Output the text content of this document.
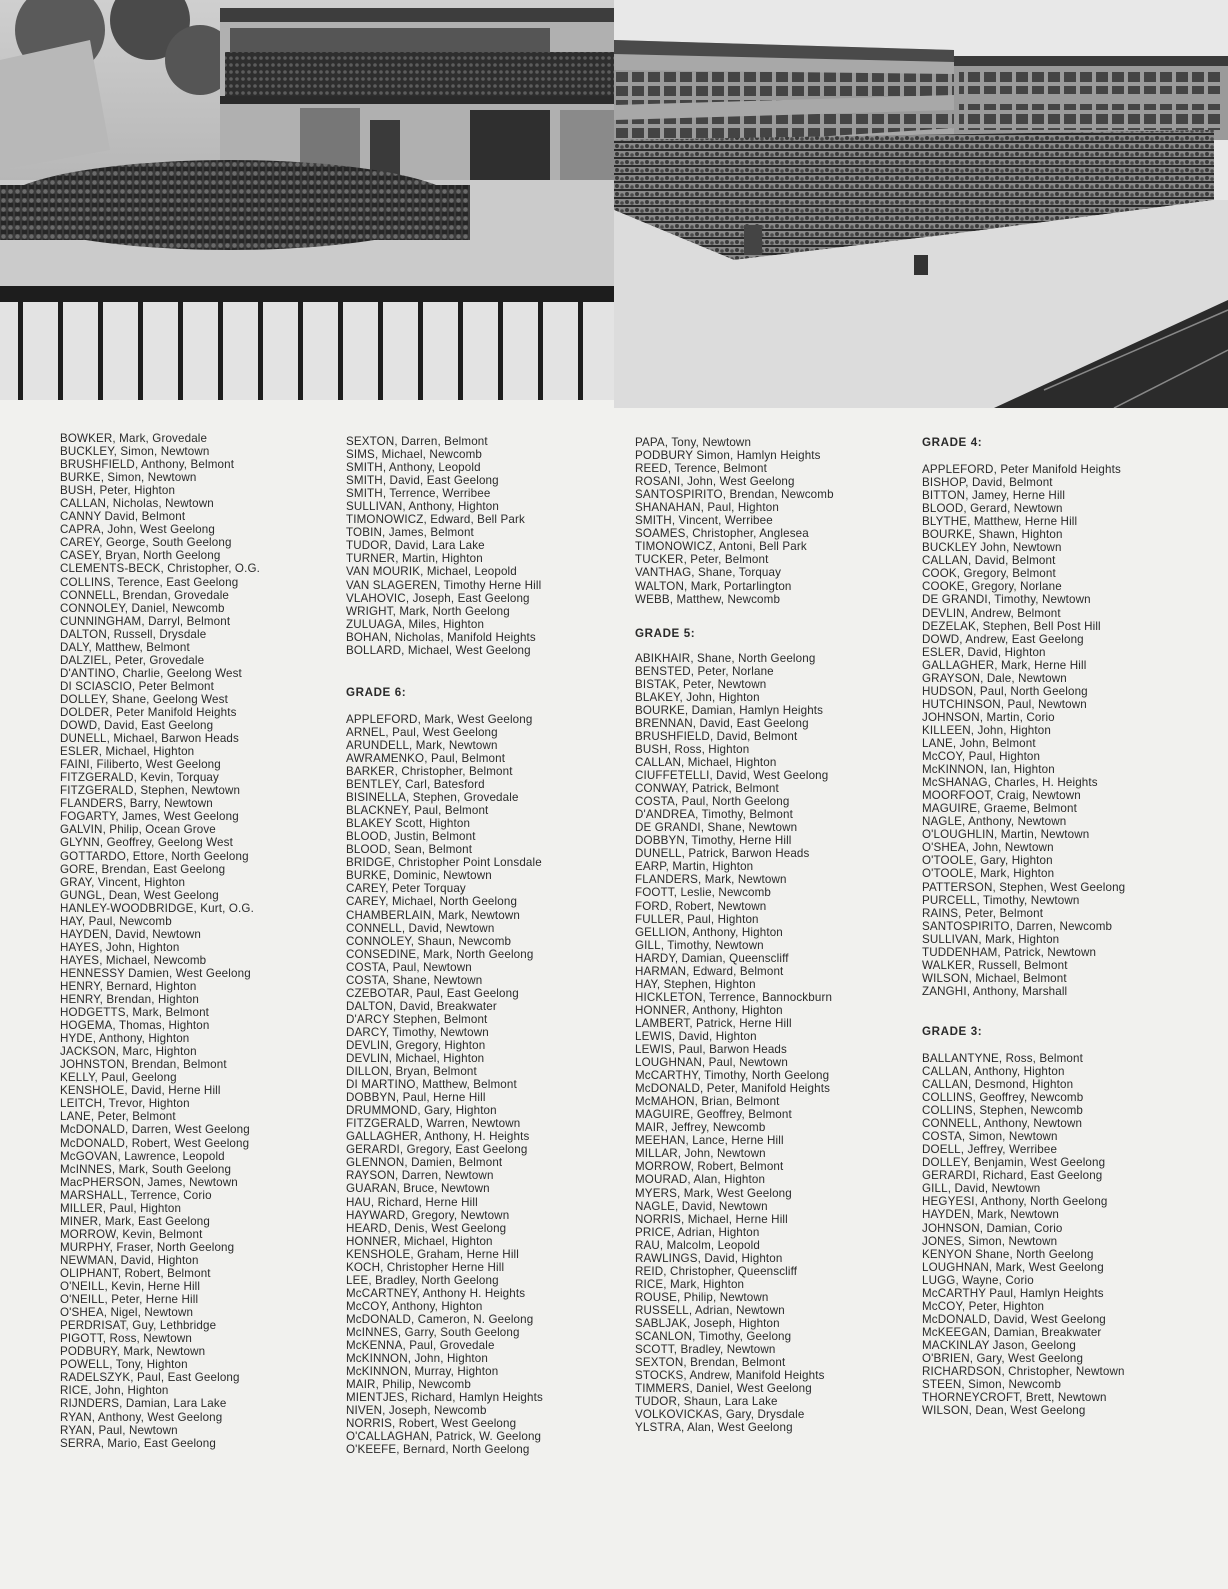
BOWKER, Mark, Grovedale
BUCKLEY, Simon, Newtown
BRUSHFIELD, Anthony, Belmont
BURKE, Simon, Newtown
BUSH, Peter, Highton
CALLAN, Nicholas, Newtown
CANNY David, Belmont
CAPRA, John, West Geelong
CAREY, George, South Geelong
CASEY, Bryan, North Geelong
CLEMENTS-BECK, Christopher, O.G.
COLLINS, Terence, East Geelong
CONNELL, Brendan, Grovedale
CONNOLEY, Daniel, Newcomb
CUNNINGHAM, Darryl, Belmont
DALTON, Russell, Drysdale
DALY, Matthew, Belmont
DALZIEL, Peter, Grovedale
D'ANTINO, Charlie, Geelong West
DI SCIASCIO, Peter Belmont
DOLLEY, Shane, Geelong West
DOLDER, Peter Manifold Heights
DOWD, David, East Geelong
DUNELL, Michael, Barwon Heads
ESLER, Michael, Highton
FAINI, Filiberto, West Geelong
FITZGERALD, Kevin, Torquay
FITZGERALD, Stephen, Newtown
FLANDERS, Barry, Newtown
FOGARTY, James, West Geelong
GALVIN, Philip, Ocean Grove
GLYNN, Geoffrey, Geelong West
GOTTARDO, Ettore, North Geelong
GORE, Brendan, East Geelong
GRAY, Vincent, Highton
GUNGL, Dean, West Geelong
HANLEY-WOODBRIDGE, Kurt, O.G.
HAY, Paul, Newcomb
HAYDEN, David, Newtown
HAYES, John, Highton
HAYES, Michael, Newcomb
HENNESSY Damien, West Geelong
HENRY, Bernard, Highton
HENRY, Brendan, Highton
HODGETTS, Mark, Belmont
HOGEMA, Thomas, Highton
HYDE, Anthony, Highton
JACKSON, Marc, Highton
JOHNSTON, Brendan, Belmont
KELLY, Paul, Geelong
KENSHOLE, David, Herne Hill
LEITCH, Trevor, Highton
LANE, Peter, Belmont
McDONALD, Darren, West Geelong
McDONALD, Robert, West Geelong
McGOVAN, Lawrence, Leopold
McINNES, Mark, South Geelong
MacPHERSON, James, Newtown
MARSHALL, Terrence, Corio
MILLER, Paul, Highton
MINER, Mark, East Geelong
MORROW, Kevin, Belmont
MURPHY, Fraser, North Geelong
NEWMAN, David, Highton
OLIPHANT, Robert, Belmont
O'NEILL, Kevin, Herne Hill
O'NEILL, Peter, Herne Hill
O'SHEA, Nigel, Newtown
PERDRISAT, Guy, Lethbridge
PIGOTT, Ross, Newtown
PODBURY, Mark, Newtown
POWELL, Tony, Highton
RADELSZYK, Paul, East Geelong
RICE, John, Highton
RIJNDERS, Damian, Lara Lake
RYAN, Anthony, West Geelong
RYAN, Paul, Newtown
SERRA, Mario, East Geelong
SEXTON, Darren, Belmont
SIMS, Michael, Newcomb
SMITH, Anthony, Leopold
SMITH, David, East Geelong
SMITH, Terrence, Werribee
SULLIVAN, Anthony, Highton
TIMONOWICZ, Edward, Bell Park
TOBIN, James, Belmont
TUDOR, David, Lara Lake
TURNER, Martin, Highton
VAN MOURIK, Michael, Leopold
VAN SLAGEREN, Timothy Herne Hill
VLAHOVIC, Joseph, East Geelong
WRIGHT, Mark, North Geelong
ZULUAGA, Miles, Highton
BOHAN, Nicholas, Manifold Heights
BOLLARD, Michael, West Geelong
GRADE 6:
APPLEFORD, Mark, West Geelong
ARNEL, Paul, West Geelong
ARUNDELL, Mark, Newtown
AWRAMENKO, Paul, Belmont
BARKER, Christopher, Belmont
BENTLEY, Carl, Batesford
BISINELLA, Stephen, Grovedale
BLACKNEY, Paul, Belmont
BLAKEY Scott, Highton
BLOOD, Justin, Belmont
BLOOD, Sean, Belmont
BRIDGE, Christopher Point Lonsdale
BURKE, Dominic, Newtown
CAREY, Peter Torquay
CAREY, Michael, North Geelong
CHAMBERLAIN, Mark, Newtown
CONNELL, David, Newtown
CONNOLEY, Shaun, Newcomb
CONSEDINE, Mark, North Geelong
COSTA, Paul, Newtown
COSTA, Shane, Newtown
CZEBOTAR, Paul, East Geelong
DALTON, David, Breakwater
D'ARCY Stephen, Belmont
DARCY, Timothy, Newtown
DEVLIN, Gregory, Highton
DEVLIN, Michael, Highton
DILLON, Bryan, Belmont
DI MARTINO, Matthew, Belmont
DOBBYN, Paul, Herne Hill
DRUMMOND, Gary, Highton
FITZGERALD, Warren, Newtown
GALLAGHER, Anthony, H. Heights
GERARDI, Gregory, East Geelong
GLENNON, Damien, Belmont
RAYSON, Darren, Newtown
GUARAN, Bruce, Newtown
HAU, Richard, Herne Hill
HAYWARD, Gregory, Newtown
HEARD, Denis, West Geelong
HONNER, Michael, Highton
KENSHOLE, Graham, Herne Hill
KOCH, Christopher Herne Hill
LEE, Bradley, North Geelong
McCARTNEY, Anthony H. Heights
McCOY, Anthony, Highton
McDONALD, Cameron, N. Geelong
McINNES, Garry, South Geelong
McKENNA, Paul, Grovedale
McKINNON, John, Highton
McKINNON, Murray, Highton
MAIR, Philip, Newcomb
MIENTJES, Richard, Hamlyn Heights
NIVEN, Joseph, Newcomb
NORRIS, Robert, West Geelong
O'CALLAGHAN, Patrick, W. Geelong
O'KEEFE, Bernard, North Geelong
PAPA, Tony, Newtown
PODBURY Simon, Hamlyn Heights
REED, Terence, Belmont
ROSANI, John, West Geelong
SANTOSPIRITO, Brendan, Newcomb
SHANAHAN, Paul, Highton
SMITH, Vincent, Werribee
SOAMES, Christopher, Anglesea
TIMONOWICZ, Antoni, Bell Park
TUCKER, Peter, Belmont
VANTHAG, Shane, Torquay
WALTON, Mark, Portarlington
WEBB, Matthew, Newcomb
GRADE 5:
ABIKHAIR, Shane, North Geelong
BENSTED, Peter, Norlane
BISTAK, Peter, Newtown
BLAKEY, John, Highton
BOURKE, Damian, Hamlyn Heights
BRENNAN, David, East Geelong
BRUSHFIELD, David, Belmont
BUSH, Ross, Highton
CALLAN, Michael, Highton
CIUFFETELLI, David, West Geelong
CONWAY, Patrick, Belmont
COSTA, Paul, North Geelong
D'ANDREA, Timothy, Belmont
DE GRANDI, Shane, Newtown
DOBBYN, Timothy, Herne Hill
DUNELL, Patrick, Barwon Heads
EARP, Martin, Highton
FLANDERS, Mark, Newtown
FOOTT, Leslie, Newcomb
FORD, Robert, Newtown
FULLER, Paul, Highton
GELLION, Anthony, Highton
GILL, Timothy, Newtown
HARDY, Damian, Queenscliff
HARMAN, Edward, Belmont
HAY, Stephen, Highton
HICKLETON, Terrence, Bannockburn
HONNER, Anthony, Highton
LAMBERT, Patrick, Herne Hill
LEWIS, David, Highton
LEWIS, Paul, Barwon Heads
LOUGHNAN, Paul, Newtown
McCARTHY, Timothy, North Geelong
McDONALD, Peter, Manifold Heights
McMAHON, Brian, Belmont
MAGUIRE, Geoffrey, Belmont
MAIR, Jeffrey, Newcomb
MEEHAN, Lance, Herne Hill
MILLAR, John, Newtown
MORROW, Robert, Belmont
MOURAD, Alan, Highton
MYERS, Mark, West Geelong
NAGLE, David, Newtown
NORRIS, Michael, Herne Hill
PRICE, Adrian, Highton
RAU, Malcolm, Leopold
RAWLINGS, David, Highton
REID, Christopher, Queenscliff
RICE, Mark, Highton
ROUSE, Philip, Newtown
RUSSELL, Adrian, Newtown
SABLJAK, Joseph, Highton
SCANLON, Timothy, Geelong
SCOTT, Bradley, Newtown
SEXTON, Brendan, Belmont
STOCKS, Andrew, Manifold Heights
TIMMERS, Daniel, West Geelong
TUDOR, Shaun, Lara Lake
VOLKOVICKAS, Gary, Drysdale
YLSTRA, Alan, West Geelong
GRADE 4:
APPLEFORD, Peter Manifold Heights
BISHOP, David, Belmont
BITTON, Jamey, Herne Hill
BLOOD, Gerard, Newtown
BLYTHE, Matthew, Herne Hill
BOURKE, Shawn, Highton
BUCKLEY John, Newtown
CALLAN, David, Belmont
COOK, Gregory, Belmont
COOKE, Gregory, Norlane
DE GRANDI, Timothy, Newtown
DEVLIN, Andrew, Belmont
DEZELAK, Stephen, Bell Post Hill
DOWD, Andrew, East Geelong
ESLER, David, Highton
GALLAGHER, Mark, Herne Hill
GRAYSON, Dale, Newtown
HUDSON, Paul, North Geelong
HUTCHINSON, Paul, Newtown
JOHNSON, Martin, Corio
KILLEEN, John, Highton
LANE, John, Belmont
McCOY, Paul, Highton
McKINNON, Ian, Highton
McSHANAG, Charles, H. Heights
MOORFOOT, Craig, Newtown
MAGUIRE, Graeme, Belmont
NAGLE, Anthony, Newtown
O'LOUGHLIN, Martin, Newtown
O'SHEA, John, Newtown
O'TOOLE, Gary, Highton
O'TOOLE, Mark, Highton
PATTERSON, Stephen, West Geelong
PURCELL, Timothy, Newtown
RAINS, Peter, Belmont
SANTOSPIRITO, Darren, Newcomb
SULLIVAN, Mark, Highton
TUDDENHAM, Patrick, Newtown
WALKER, Russell, Belmont
WILSON, Michael, Belmont
ZANGHI, Anthony, Marshall
GRADE 3:
BALLANTYNE, Ross, Belmont
CALLAN, Anthony, Highton
CALLAN, Desmond, Highton
COLLINS, Geoffrey, Newcomb
COLLINS, Stephen, Newcomb
CONNELL, Anthony, Newtown
COSTA, Simon, Newtown
DOELL, Jeffrey, Werribee
DOLLEY, Benjamin, West Geelong
GERARDI, Richard, East Geelong
GILL, David, Newtown
HEGYESI, Anthony, North Geelong
HAYDEN, Mark, Newtown
JOHNSON, Damian, Corio
JONES, Simon, Newtown
KENYON Shane, North Geelong
LOUGHNAN, Mark, West Geelong
LUGG, Wayne, Corio
McCARTHY Paul, Hamlyn Heights
McCOY, Peter, Highton
McDONALD, David, West Geelong
McKEEGAN, Damian, Breakwater
MACKINLAY Jason, Geelong
O'BRIEN, Gary, West Geelong
RICHARDSON, Christopher, Newtown
STEEN, Simon, Newcomb
THORNEYCROFT, Brett, Newtown
WILSON, Dean, West Geelong
